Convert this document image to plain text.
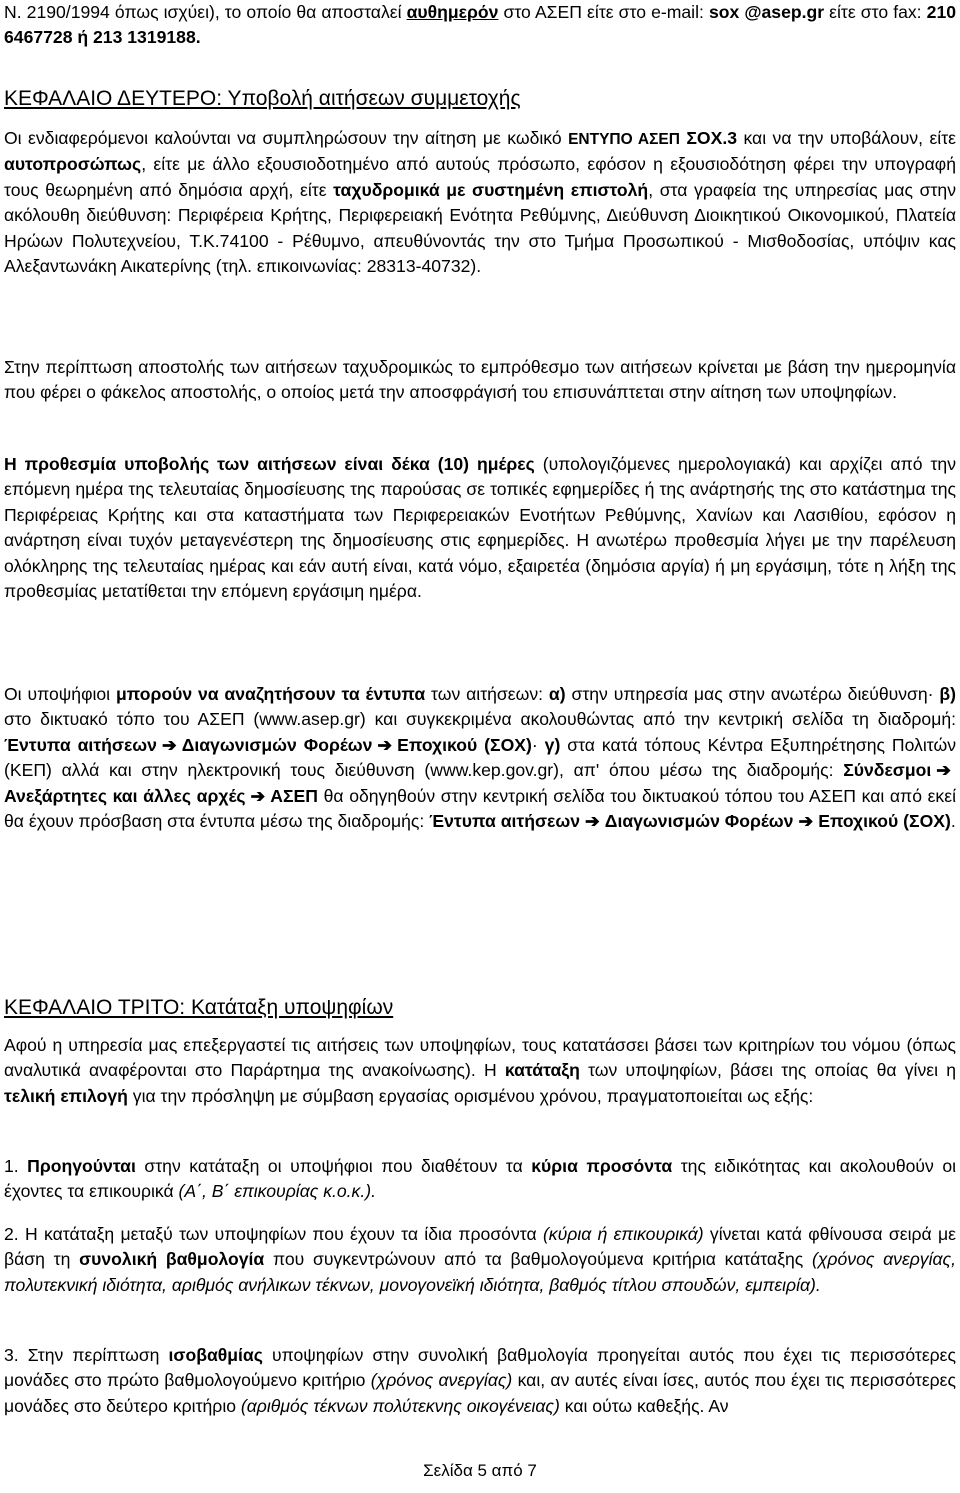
Ν. 2190/1994 όπως ισχύει), το οποίο θα αποσταλεί αυθημερόν στο ΑΣΕΠ είτε στο e-mail: sox @asep.gr είτε στο fax: 210 6467728 ή 213 1319188.

ΚΕΦΑΛΑΙΟ ΔΕΥΤΕΡΟ: Υποβολή αιτήσεων συμμετοχής

Οι ενδιαφερόμενοι καλούνται να συμπληρώσουν την αίτηση με κωδικό ΕΝΤΥΠΟ ΑΣΕΠ ΣΟΧ.3 και να την υποβάλουν, είτε αυτοπροσώπως, είτε με άλλο εξουσιοδοτημένο από αυτούς πρόσωπο, εφόσον η εξουσιοδότηση φέρει την υπογραφή τους θεωρημένη από δημόσια αρχή, είτε ταχυδρομικά με συστημένη επιστολή, στα γραφεία της υπηρεσίας μας στην ακόλουθη διεύθυνση: Περιφέρεια Κρήτης, Περιφερειακή Ενότητα Ρεθύμνης, Διεύθυνση Διοικητικού Οικονομικού, Πλατεία Ηρώων Πολυτεχνείου, Τ.Κ.74100 - Ρέθυμνο, απευθύνοντάς την στο Τμήμα Προσωπικού - Μισθοδοσίας, υπόψιν κας Αλεξαντωνάκη Αικατερίνης (τηλ. επικοινωνίας: 28313-40732).

Στην περίπτωση αποστολής των αιτήσεων ταχυδρομικώς το εμπρόθεσμο των αιτήσεων κρίνεται με βάση την ημερομηνία που φέρει ο φάκελος αποστολής, ο οποίος μετά την αποσφράγισή του επισυνάπτεται στην αίτηση των υποψηφίων.

Η προθεσμία υποβολής των αιτήσεων είναι δέκα (10) ημέρες (υπολογιζόμενες ημερολογιακά) και αρχίζει από την επόμενη ημέρα της τελευταίας δημοσίευσης της παρούσας σε τοπικές εφημερίδες ή της ανάρτησής της στο κατάστημα της Περιφέρειας Κρήτης και στα καταστήματα των Περιφερειακών Ενοτήτων Ρεθύμνης, Χανίων και Λασιθίου, εφόσον η ανάρτηση είναι τυχόν μεταγενέστερη της δημοσίευσης στις εφημερίδες. Η ανωτέρω προθεσμία λήγει με την παρέλευση ολόκληρης της τελευταίας ημέρας και εάν αυτή είναι, κατά νόμο, εξαιρετέα (δημόσια αργία) ή μη εργάσιμη, τότε η λήξη της προθεσμίας μετατίθεται την επόμενη εργάσιμη ημέρα.

Οι υποψήφιοι μπορούν να αναζητήσουν τα έντυπα των αιτήσεων: α) στην υπηρεσία μας στην ανωτέρω διεύθυνση· β) στο δικτυακό τόπο του ΑΣΕΠ (www.asep.gr) και συγκεκριμένα ακολουθώντας από την κεντρική σελίδα τη διαδρομή: Έντυπα αιτήσεων ➔ Διαγωνισμών Φορέων ➔ Εποχικού (ΣΟΧ)· γ) στα κατά τόπους Κέντρα Εξυπηρέτησης Πολιτών (ΚΕΠ) αλλά και στην ηλεκτρονική τους διεύθυνση (www.kep.gov.gr), απ' όπου μέσω της διαδρομής: Σύνδεσμοι ➔Ανεξάρτητες και άλλες αρχές ➔ ΑΣΕΠ θα οδηγηθούν στην κεντρική σελίδα του δικτυακού τόπου του ΑΣΕΠ και από εκεί θα έχουν πρόσβαση στα έντυπα μέσω της διαδρομής: Έντυπα αιτήσεων ➔ Διαγωνισμών Φορέων ➔ Εποχικού (ΣΟΧ).

ΚΕΦΑΛΑΙΟ ΤΡΙΤΟ: Κατάταξη υποψηφίων

Αφού η υπηρεσία μας επεξεργαστεί τις αιτήσεις των υποψηφίων, τους κατατάσσει βάσει των κριτηρίων του νόμου (όπως αναλυτικά αναφέρονται στο Παράρτημα της ανακοίνωσης). Η κατάταξη των υποψηφίων, βάσει της οποίας θα γίνει η τελική επιλογή για την πρόσληψη με σύμβαση εργασίας ορισμένου χρόνου, πραγματοποιείται ως εξής:

1. Προηγούνται στην κατάταξη οι υποψήφιοι που διαθέτουν τα κύρια προσόντα της ειδικότητας και ακολουθούν οι έχοντες τα επικουρικά (Α΄, Β΄ επικουρίας κ.ο.κ.).

2. Η κατάταξη μεταξύ των υποψηφίων που έχουν τα ίδια προσόντα (κύρια ή επικουρικά) γίνεται κατά φθίνουσα σειρά με βάση τη συνολική βαθμολογία που συγκεντρώνουν από τα βαθμολογούμενα κριτήρια κατάταξης (χρόνος ανεργίας, πολυτεκνική ιδιότητα, αριθμός ανήλικων τέκνων, μονογονεϊκή ιδιότητα, βαθμός τίτλου σπουδών, εμπειρία).

3. Στην περίπτωση ισοβαθμίας υποψηφίων στην συνολική βαθμολογία προηγείται αυτός που έχει τις περισσότερες μονάδες στο πρώτο βαθμολογούμενο κριτήριο (χρόνος ανεργίας) και, αν αυτές είναι ίσες, αυτός που έχει τις περισσότερες μονάδες στο δεύτερο κριτήριο (αριθμός τέκνων πολύτεκνης οικογένειας) και ούτω καθεξής. Αν

Σελίδα 5 από 7
